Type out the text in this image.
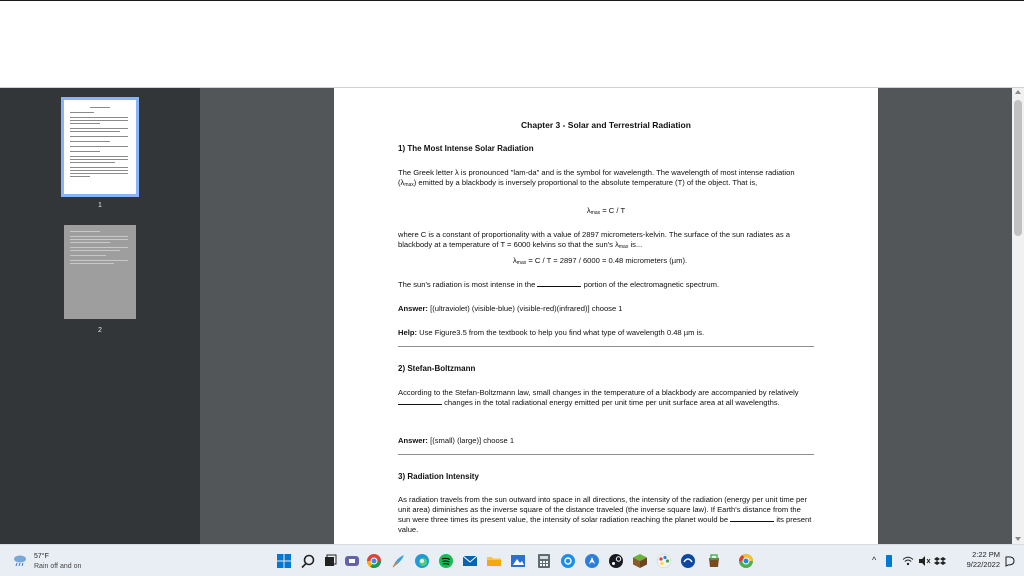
1
2
Chapter 3 - Solar and Terrestrial Radiation
1) The Most Intense Solar Radiation
The Greek letter λ is pronounced "lam-da" and is the symbol for wavelength. The wavelength of most intense radiation $(\lambda_{max})$ emitted by a blackbody is inversely proportional to the absolute temperature (T) of the object. That is,
$\lambda_{max} = C / T$
where C is a constant of proportionality with a value of 2897 micrometers-kelvin. The surface of the sun radiates as a blackbody at a temperature of T = 6000 kelvins so that the sun's $\lambda_{max}$ is...
$\lambda_{max} = C / T = 2897 / 6000 = 0.48$ micrometers (µm).
The sun's radiation is most intense in the	portion of the electromagnetic spectrum.
Answer: [(ultraviolet) (visible-blue) (visible-red)(infrared)] choose 1
Help: Use Figure3.5 from the textbook to help you find what type of wavelength 0.48 µm is.
2) Stefan-Boltzmann
According to the Stefan-Boltzmann law, small changes in the temperature of a blackbody are accompanied by relatively  changes in the total radiational energy emitted per unit time per unit surface area at all wavelengths.
Answer: [(small) (large)] choose 1
3) Radiation Intensity
As radiation travels from the sun outward into space in all directions, the intensity of the radiation (energy per unit time per unit area) diminishes as the inverse square of the distance traveled (the inverse square law). If Earth's distance from the sun were three times its present value, the intensity of solar radiation reaching the planet would be	its present value.
57°F
Rain off and on
^
2:22 PM
9/22/2022
